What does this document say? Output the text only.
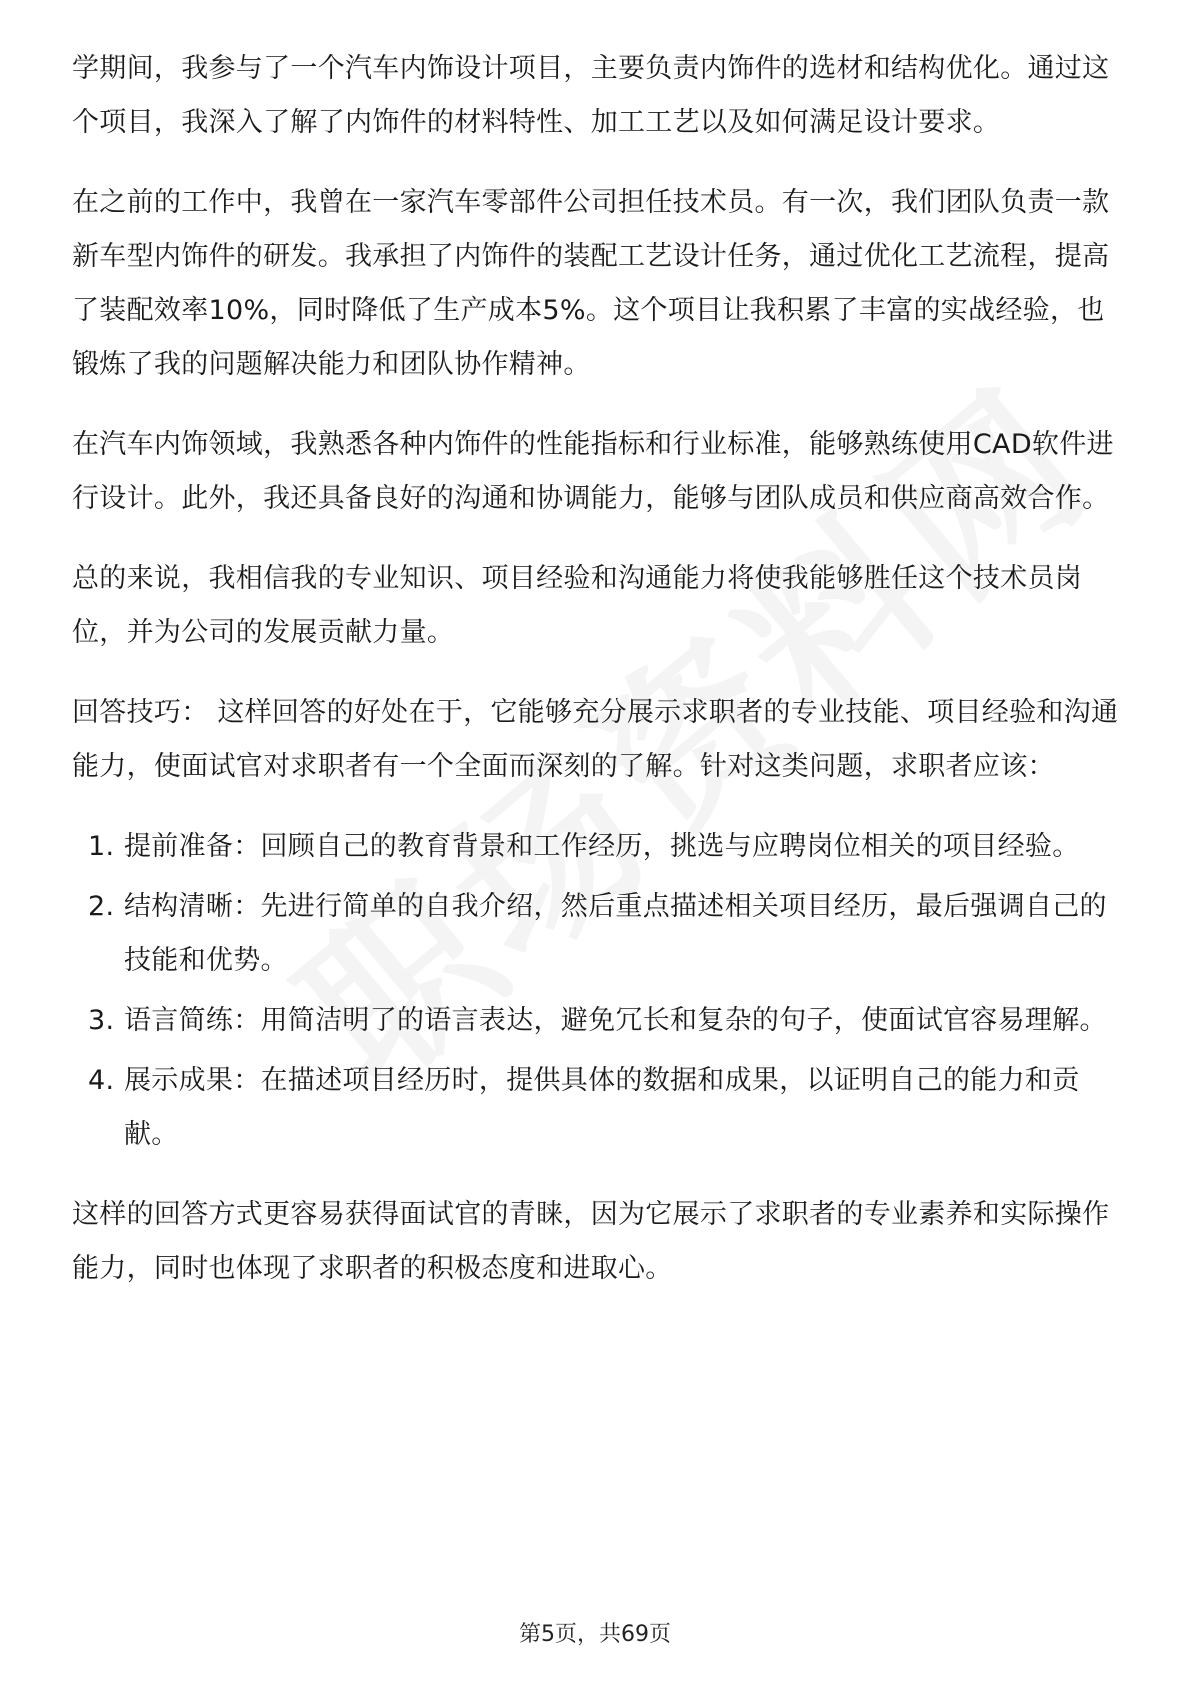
学期间，我参与了一个汽车内饰设计项目，主要负责内饰件的选材和结构优化。通过这个项目，我深入了解了内饰件的材料特性、加工工艺以及如何满足设计要求。

在之前的工作中，我曾在一家汽车零部件公司担任技术员。有一次，我们团队负责一款新车型内饰件的研发。我承担了内饰件的装配工艺设计任务，通过优化工艺流程，提高了装配效率10%，同时降低了生产成本5%。这个项目让我积累了丰富的实战经验，也锻炼了我的问题解决能力和团队协作精神。

在汽车内饰领域，我熟悉各种内饰件的性能指标和行业标准，能够熟练使用CAD软件进行设计。此外，我还具备良好的沟通和协调能力，能够与团队成员和供应商高效合作。

总的来说，我相信我的专业知识、项目经验和沟通能力将使我能够胜任这个技术员岗位，并为公司的发展贡献力量。

回答技巧： 这样回答的好处在于，它能够充分展示求职者的专业技能、项目经验和沟通能力，使面试官对求职者有一个全面而深刻的了解。针对这类问题，求职者应该：

1. 提前准备：回顾自己的教育背景和工作经历，挑选与应聘岗位相关的项目经验。
2. 结构清晰：先进行简单的自我介绍，然后重点描述相关项目经历，最后强调自己的技能和优势。
3. 语言简练：用简洁明了的语言表达，避免冗长和复杂的句子，使面试官容易理解。
4. 展示成果：在描述项目经历时，提供具体的数据和成果，以证明自己的能力和贡献。

这样的回答方式更容易获得面试官的青睐，因为它展示了求职者的专业素养和实际操作能力，同时也体现了求职者的积极态度和进取心。

第5页，共69页
